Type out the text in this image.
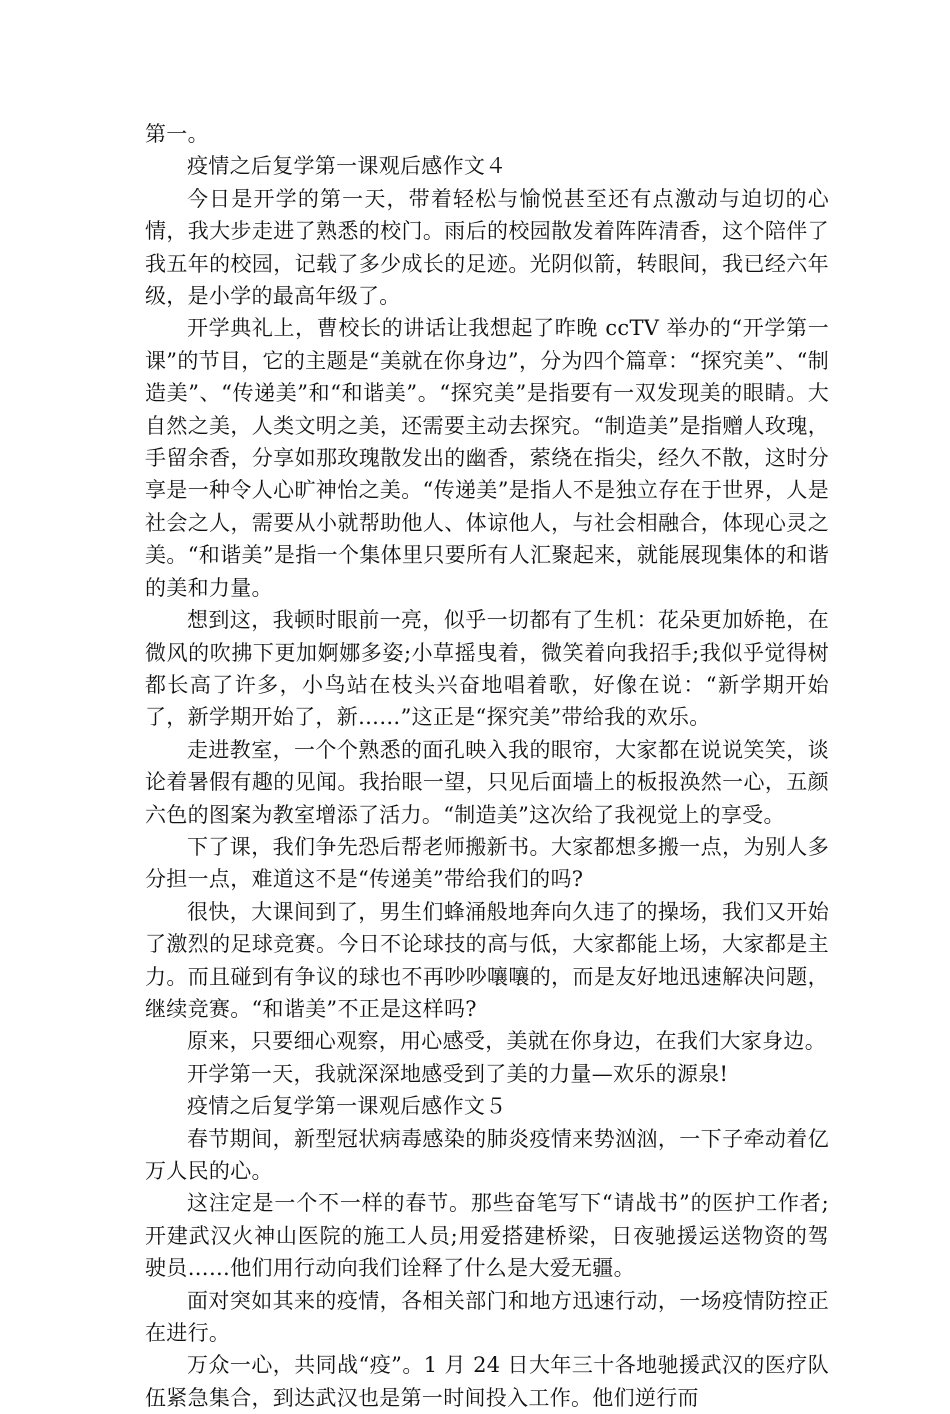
第一。

疫情之后复学第一课观后感作文４

今日是开学的第一天，带着轻松与愉悦甚至还有点激动与迫切的心情，我大步走进了熟悉的校门。雨后的校园散发着阵阵清香，这个陪伴了我五年的校园，记载了多少成长的足迹。光阴似箭，转眼间，我已经六年级，是小学的最高年级了。

开学典礼上，曹校长的讲话让我想起了昨晚 ccTV 举办的“开学第一课”的节目，它的主题是“美就在你身边”，分为四个篇章：“探究美”、“制造美”、“传递美”和“和谐美”。“探究美”是指要有一双发现美的眼睛。大自然之美，人类文明之美，还需要主动去探究。“制造美”是指赠人玫瑰，手留余香，分享如那玫瑰散发出的幽香，萦绕在指尖，经久不散，这时分享是一种令人心旷神怡之美。“传递美”是指人不是独立存在于世界，人是社会之人，需要从小就帮助他人、体谅他人，与社会相融合，体现心灵之美。“和谐美”是指一个集体里只要所有人汇聚起来，就能展现集体的和谐的美和力量。

想到这，我顿时眼前一亮，似乎一切都有了生机：花朵更加娇艳，在微风的吹拂下更加婀娜多姿;小草摇曳着，微笑着向我招手;我似乎觉得树都长高了许多，小鸟站在枝头兴奋地唱着歌，好像在说：“新学期开始了，新学期开始了，新……”这正是“探究美”带给我的欢乐。

走进教室，一个个熟悉的面孔映入我的眼帘，大家都在说说笑笑，谈论着暑假有趣的见闻。我抬眼一望，只见后面墙上的板报涣然一心，五颜六色的图案为教室增添了活力。“制造美”这次给了我视觉上的享受。

下了课，我们争先恐后帮老师搬新书。大家都想多搬一点，为别人多分担一点，难道这不是“传递美”带给我们的吗?

很快，大课间到了，男生们蜂涌般地奔向久违了的操场，我们又开始了激烈的足球竞赛。今日不论球技的高与低，大家都能上场，大家都是主力。而且碰到有争议的球也不再吵吵嚷嚷的，而是友好地迅速解决问题，继续竞赛。“和谐美”不正是这样吗?

原来，只要细心观察，用心感受，美就在你身边，在我们大家身边。

开学第一天，我就深深地感受到了美的力量—欢乐的源泉!

疫情之后复学第一课观后感作文５

春节期间，新型冠状病毒感染的肺炎疫情来势汹汹，一下子牵动着亿万人民的心。

这注定是一个不一样的春节。那些奋笔写下“请战书”的医护工作者;开建武汉火神山医院的施工人员;用爱搭建桥梁，日夜驰援运送物资的驾驶员……他们用行动向我们诠释了什么是大爱无疆。

面对突如其来的疫情，各相关部门和地方迅速行动，一场疫情防控正在进行。

万众一心，共同战“疫”。1 月 24 日大年三十各地驰援武汉的医疗队伍紧急集合，到达武汉也是第一时间投入工作。他们逆行而
